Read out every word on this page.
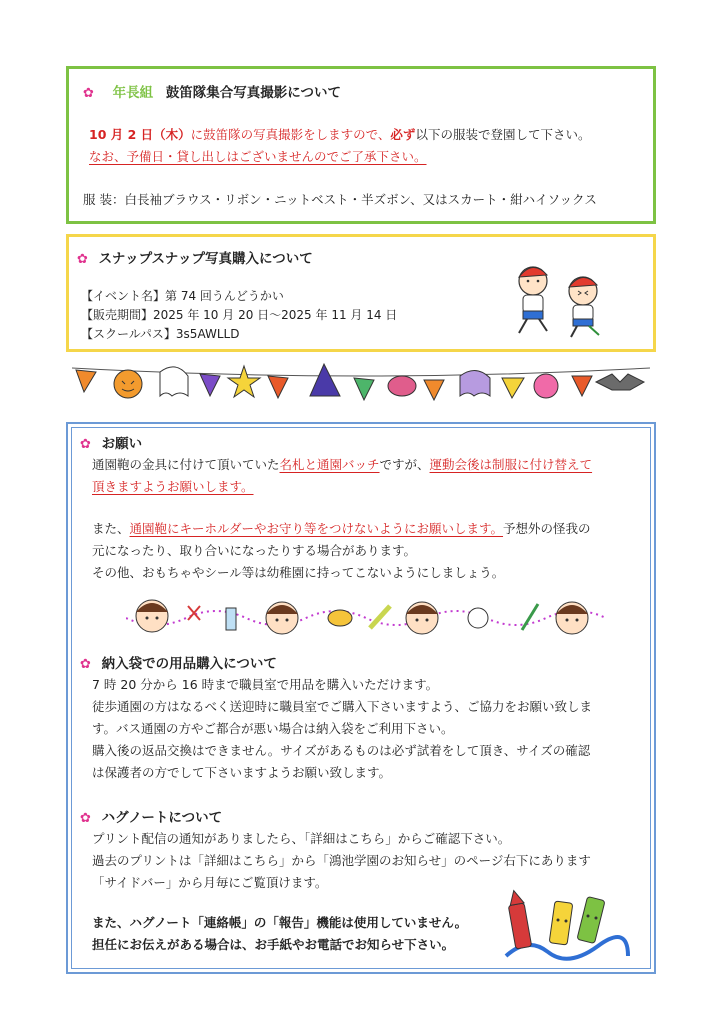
✿ 年長組 鼓笛隊集合写真撮影について
10 月 2 日（木）に鼓笛隊の写真撮影をしますので、必ず以下の服装で登園して下さい。
なお、予備日・貸し出しはございませんのでご了承下さい。
服 装：白長袖ブラウス・リボン・ニットベスト・半ズボン、又はスカート・紺ハイソックス
✿ スナップスナップ写真購入について
【イベント名】第 74 回うんどうかい
【販売期間】2025 年 10 月 20 日～2025 年 11 月 14 日
【スクールパス】3s5AWLLD
✿ お願い
通園鞄の金具に付けて頂いていた名札と通園バッチですが、運動会後は制服に付け替えて
頂きますようお願いします。
また、通園鞄にキーホルダーやお守り等をつけないようにお願いします。予想外の怪我の
元になったり、取り合いになったりする場合があります。
その他、おもちゃやシール等は幼稚園に持ってこないようにしましょう。
✿ 納入袋での用品購入について
7 時 20 分から 16 時まで職員室で用品を購入いただけます。
徒歩通園の方はなるべく送迎時に職員室でご購入下さいますよう、ご協力をお願い致しま
す。バス通園の方やご都合が悪い場合は納入袋をご利用下さい。
購入後の返品交換はできません。サイズがあるものは必ず試着をして頂き、サイズの確認
は保護者の方でして下さいますようお願い致します。
✿ ハグノートについて
プリント配信の通知がありましたら、「詳細はこちら」からご確認下さい。
過去のプリントは「詳細はこちら」から「鴻池学園のお知らせ」のページ右下にあります
「サイドバー」から月毎にご覧頂けます。
また、ハグノート「連絡帳」の「報告」機能は使用していません。
担任にお伝えがある場合は、お手紙やお電話でお知らせ下さい。
